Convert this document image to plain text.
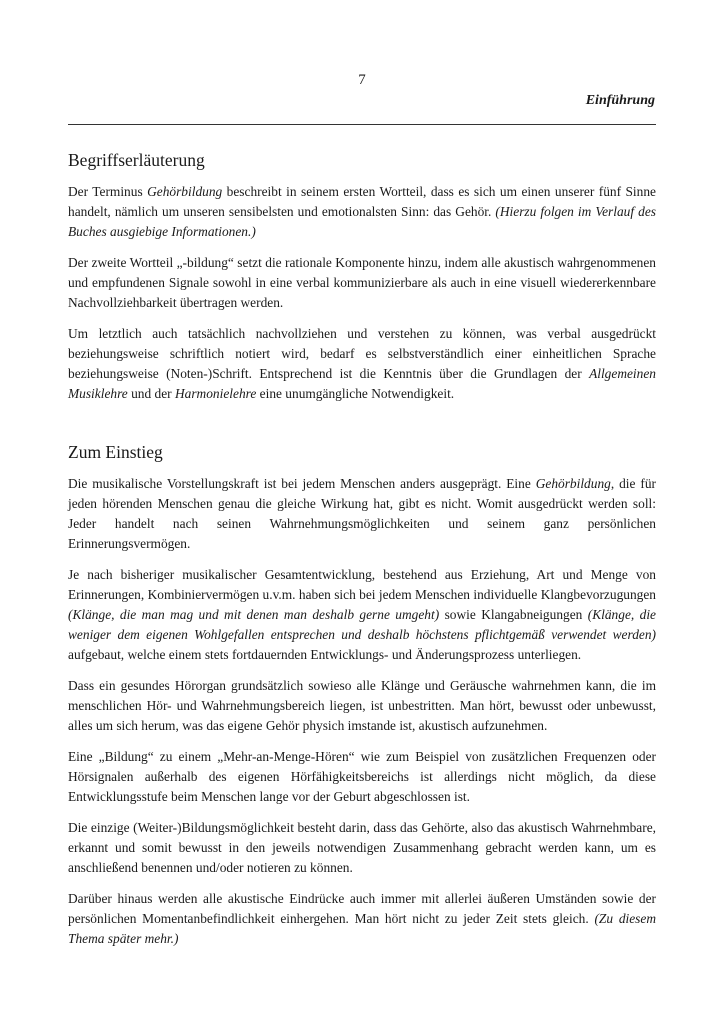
7
Einführung
Begriffserläuterung

Der Terminus Gehörbildung beschreibt in seinem ersten Wortteil, dass es sich um einen unserer fünf Sinne handelt, nämlich um unseren sensibelsten und emotionalsten Sinn: das Gehör. (Hierzu folgen im Verlauf des Buches ausgiebige Informationen.)

Der zweite Wortteil „-bildung“ setzt die rationale Komponente hinzu, indem alle akustisch wahrgenommenen und empfundenen Signale sowohl in eine verbal kommunizierbare als auch in eine visuell wiedererkennbare Nachvollziehbarkeit übertragen werden.

Um letztlich auch tatsächlich nachvollziehen und verstehen zu können, was verbal ausgedrückt beziehungsweise schriftlich notiert wird, bedarf es selbstverständlich einer einheitlichen Sprache beziehungsweise (Noten-)Schrift. Entsprechend ist die Kenntnis über die Grundlagen der Allgemeinen Musiklehre und der Harmonielehre eine unumgängliche Notwendigkeit.

Zum Einstieg

Die musikalische Vorstellungskraft ist bei jedem Menschen anders ausgeprägt. Eine Gehörbildung, die für jeden hörenden Menschen genau die gleiche Wirkung hat, gibt es nicht. Womit ausgedrückt werden soll: Jeder handelt nach seinen Wahrnehmungsmöglichkeiten und seinem ganz persönlichen Erinnerungsvermögen.

Je nach bisheriger musikalischer Gesamtentwicklung, bestehend aus Erziehung, Art und Menge von Erinnerungen, Kombiniervermögen u.v.m. haben sich bei jedem Menschen individuelle Klangbevorzugungen (Klänge, die man mag und mit denen man deshalb gerne umgeht) sowie Klangabneigungen (Klänge, die weniger dem eigenen Wohlgefallen entsprechen und deshalb höchstens pflichtgemäß verwendet werden) aufgebaut, welche einem stets fortdauernden Entwicklungs- und Änderungsprozess unterliegen.

Dass ein gesundes Hörorgan grundsätzlich sowieso alle Klänge und Geräusche wahrnehmen kann, die im menschlichen Hör- und Wahrnehmungsbereich liegen, ist unbestritten. Man hört, bewusst oder unbewusst, alles um sich herum, was das eigene Gehör physich imstande ist, akustisch aufzunehmen.

Eine „Bildung“ zu einem „Mehr-an-Menge-Hören“ wie zum Beispiel von zusätzlichen Frequenzen oder Hörsignalen außerhalb des eigenen Hörfähigkeitsbereichs ist allerdings nicht möglich, da diese Entwicklungsstufe beim Menschen lange vor der Geburt abgeschlossen ist.

Die einzige (Weiter-)Bildungsmöglichkeit besteht darin, dass das Gehörte, also das akustisch Wahrnehmbare, erkannt und somit bewusst in den jeweils notwendigen Zusammenhang gebracht werden kann, um es anschließend benennen und/oder notieren zu können.

Darüber hinaus werden alle akustische Eindrücke auch immer mit allerlei äußeren Umständen sowie der persönlichen Momentanbefindlichkeit einhergehen. Man hört nicht zu jeder Zeit stets gleich. (Zu diesem Thema später mehr.)
